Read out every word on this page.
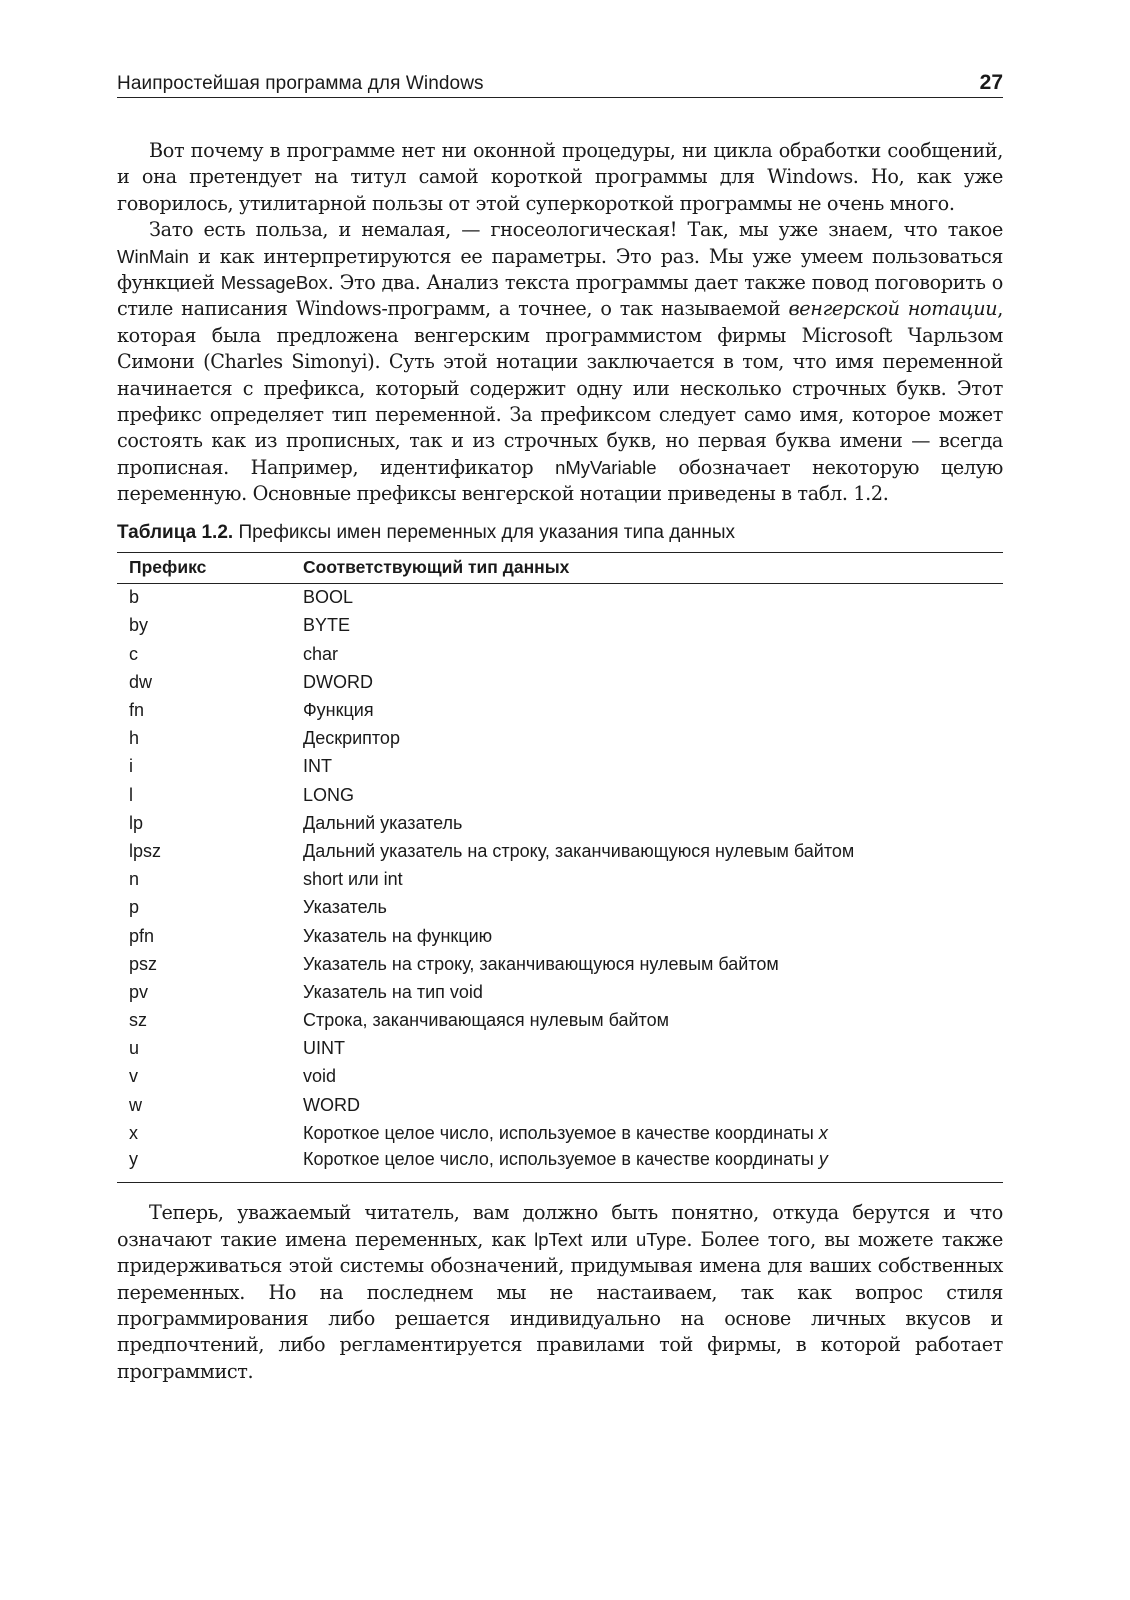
Наипростейшая программа для Windows	27

Вот почему в программе нет ни оконной процедуры, ни цикла обработки сообщений, и она претендует на титул самой короткой программы для Windows. Но, как уже говорилось, утилитарной пользы от этой суперкороткой программы не очень много.

Зато есть польза, и немалая, — гносеологическая! Так, мы уже знаем, что такое WinMain и как интерпретируются ее параметры. Это раз. Мы уже умеем пользоваться функцией MessageBox. Это два. Анализ текста программы дает также повод поговорить о стиле написания Windows-программ, а точнее, о так называемой венгерской нотации, которая была предложена венгерским программистом фирмы Microsoft Чарльзом Симони (Charles Simonyi). Суть этой нотации заключается в том, что имя переменной начинается с префикса, который содержит одну или несколько строчных букв. Этот префикс определяет тип переменной. За префиксом следует само имя, которое может состоять как из прописных, так и из строчных букв, но первая буква имени — всегда прописная. Например, идентификатор nMyVariable обозначает некоторую целую переменную. Основные префиксы венгерской нотации приведены в табл. 1.2.

Таблица 1.2. Префиксы имен переменных для указания типа данных
Префикс	Соответствующий тип данных
b	BOOL
by	BYTE
c	char
dw	DWORD
fn	Функция
h	Дескриптор
i	INT
l	LONG
lp	Дальний указатель
lpsz	Дальний указатель на строку, заканчивающуюся нулевым байтом
n	short или int
p	Указатель
pfn	Указатель на функцию
psz	Указатель на строку, заканчивающуюся нулевым байтом
pv	Указатель на тип void
sz	Строка, заканчивающаяся нулевым байтом
u	UINT
v	void
w	WORD
x	Короткое целое число, используемое в качестве координаты x
y	Короткое целое число, используемое в качестве координаты y

Теперь, уважаемый читатель, вам должно быть понятно, откуда берутся и что означают такие имена переменных, как lpText или uType. Более того, вы можете также придерживаться этой системы обозначений, придумывая имена для ваших собственных переменных. Но на последнем мы не настаиваем, так как вопрос стиля программирования либо решается индивидуально на основе личных вкусов и предпочтений, либо регламентируется правилами той фирмы, в которой работает программист.
